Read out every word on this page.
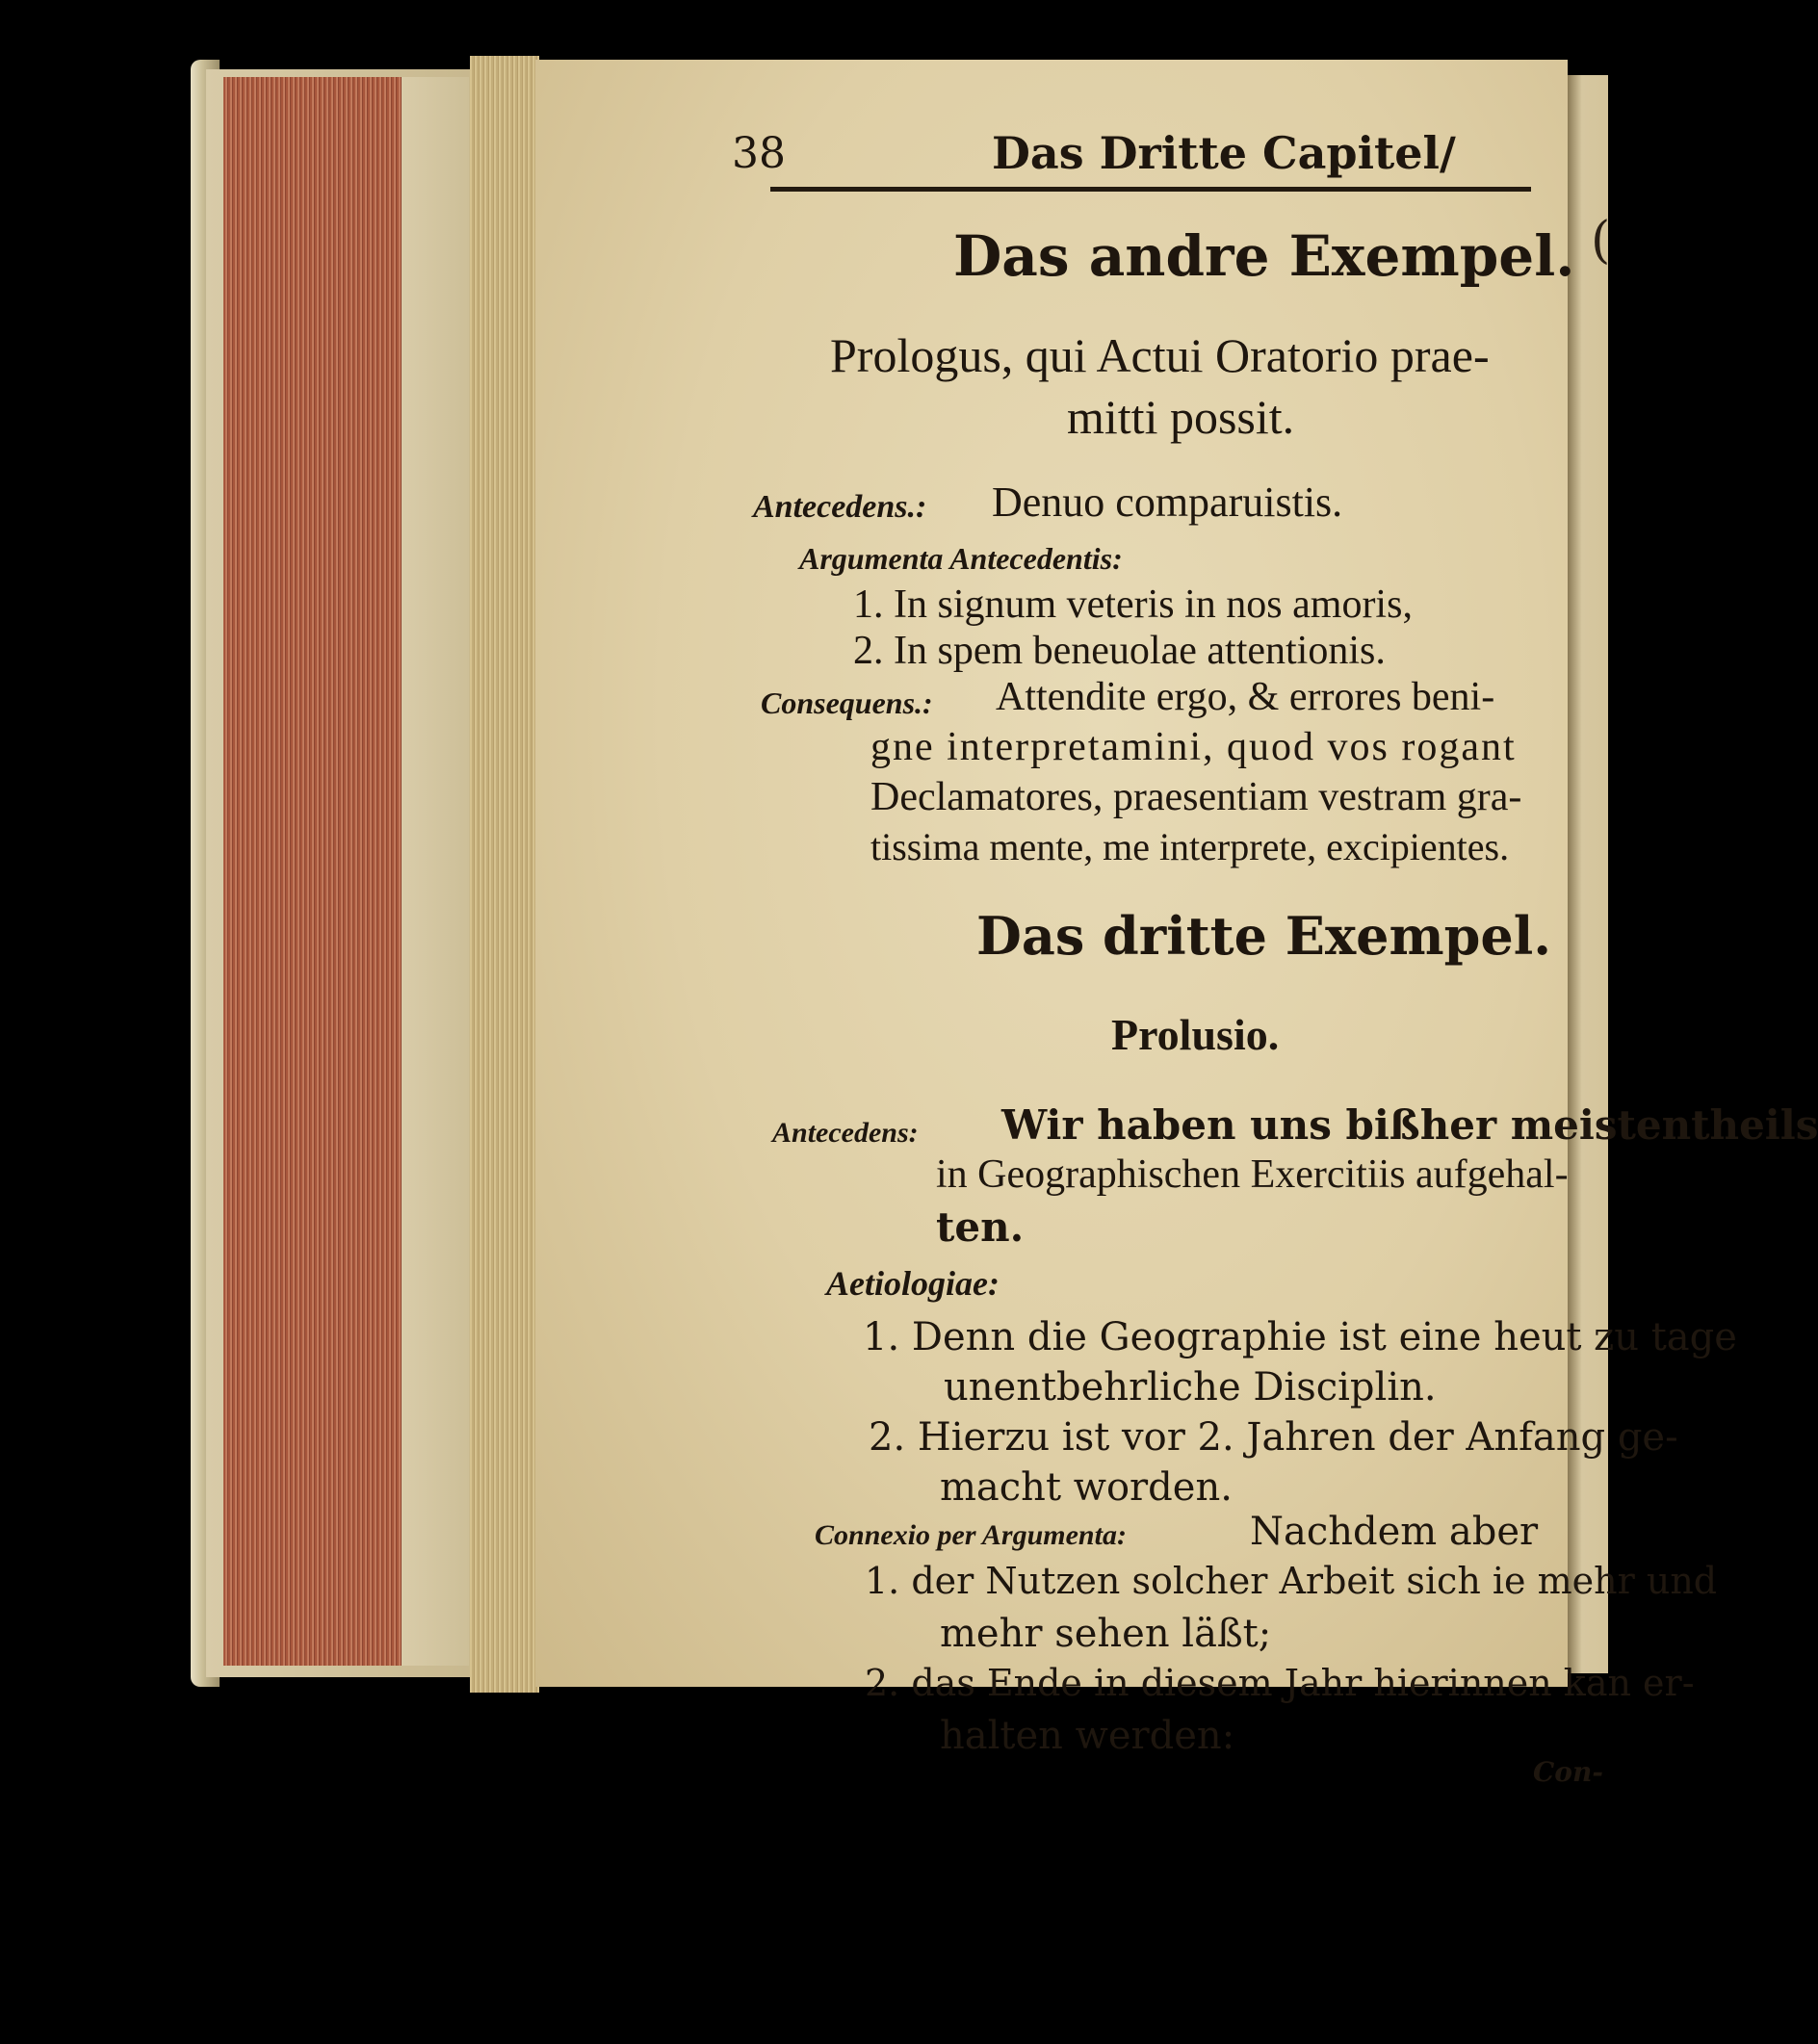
(
38	Das Dritte Capitel/
Das andre Exempel.
Prologus, qui Actui Oratorio prae-
mitti possit.
Antecedens.: Denuo comparuistis.
Argumenta Antecedentis:
1. In signum veteris in nos amoris,
2. In spem beneuolae attentionis.
Consequens.: Attendite ergo, & errores beni-
gne interpretamini, quod vos rogant
Declamatores, praesentiam vestram gra-
tissima mente, me interprete, excipientes.
Das dritte Exempel.
Prolusio.
Antecedens: Wir haben uns bißher meistentheils
in Geographischen Exercitiis aufgehal-
ten.
Aetiologiae:
1. Denn die Geographie ist eine heut zu tage
unentbehrliche Disciplin.
2. Hierzu ist vor 2. Jahren der Anfang ge-
macht worden.
Connexio per Argumenta:	Nachdem aber
1. der Nutzen solcher Arbeit sich ie mehr und
mehr sehen läßt;
2. das Ende in diesem Jahr hierinnen kan er-
halten werden:
Con-
